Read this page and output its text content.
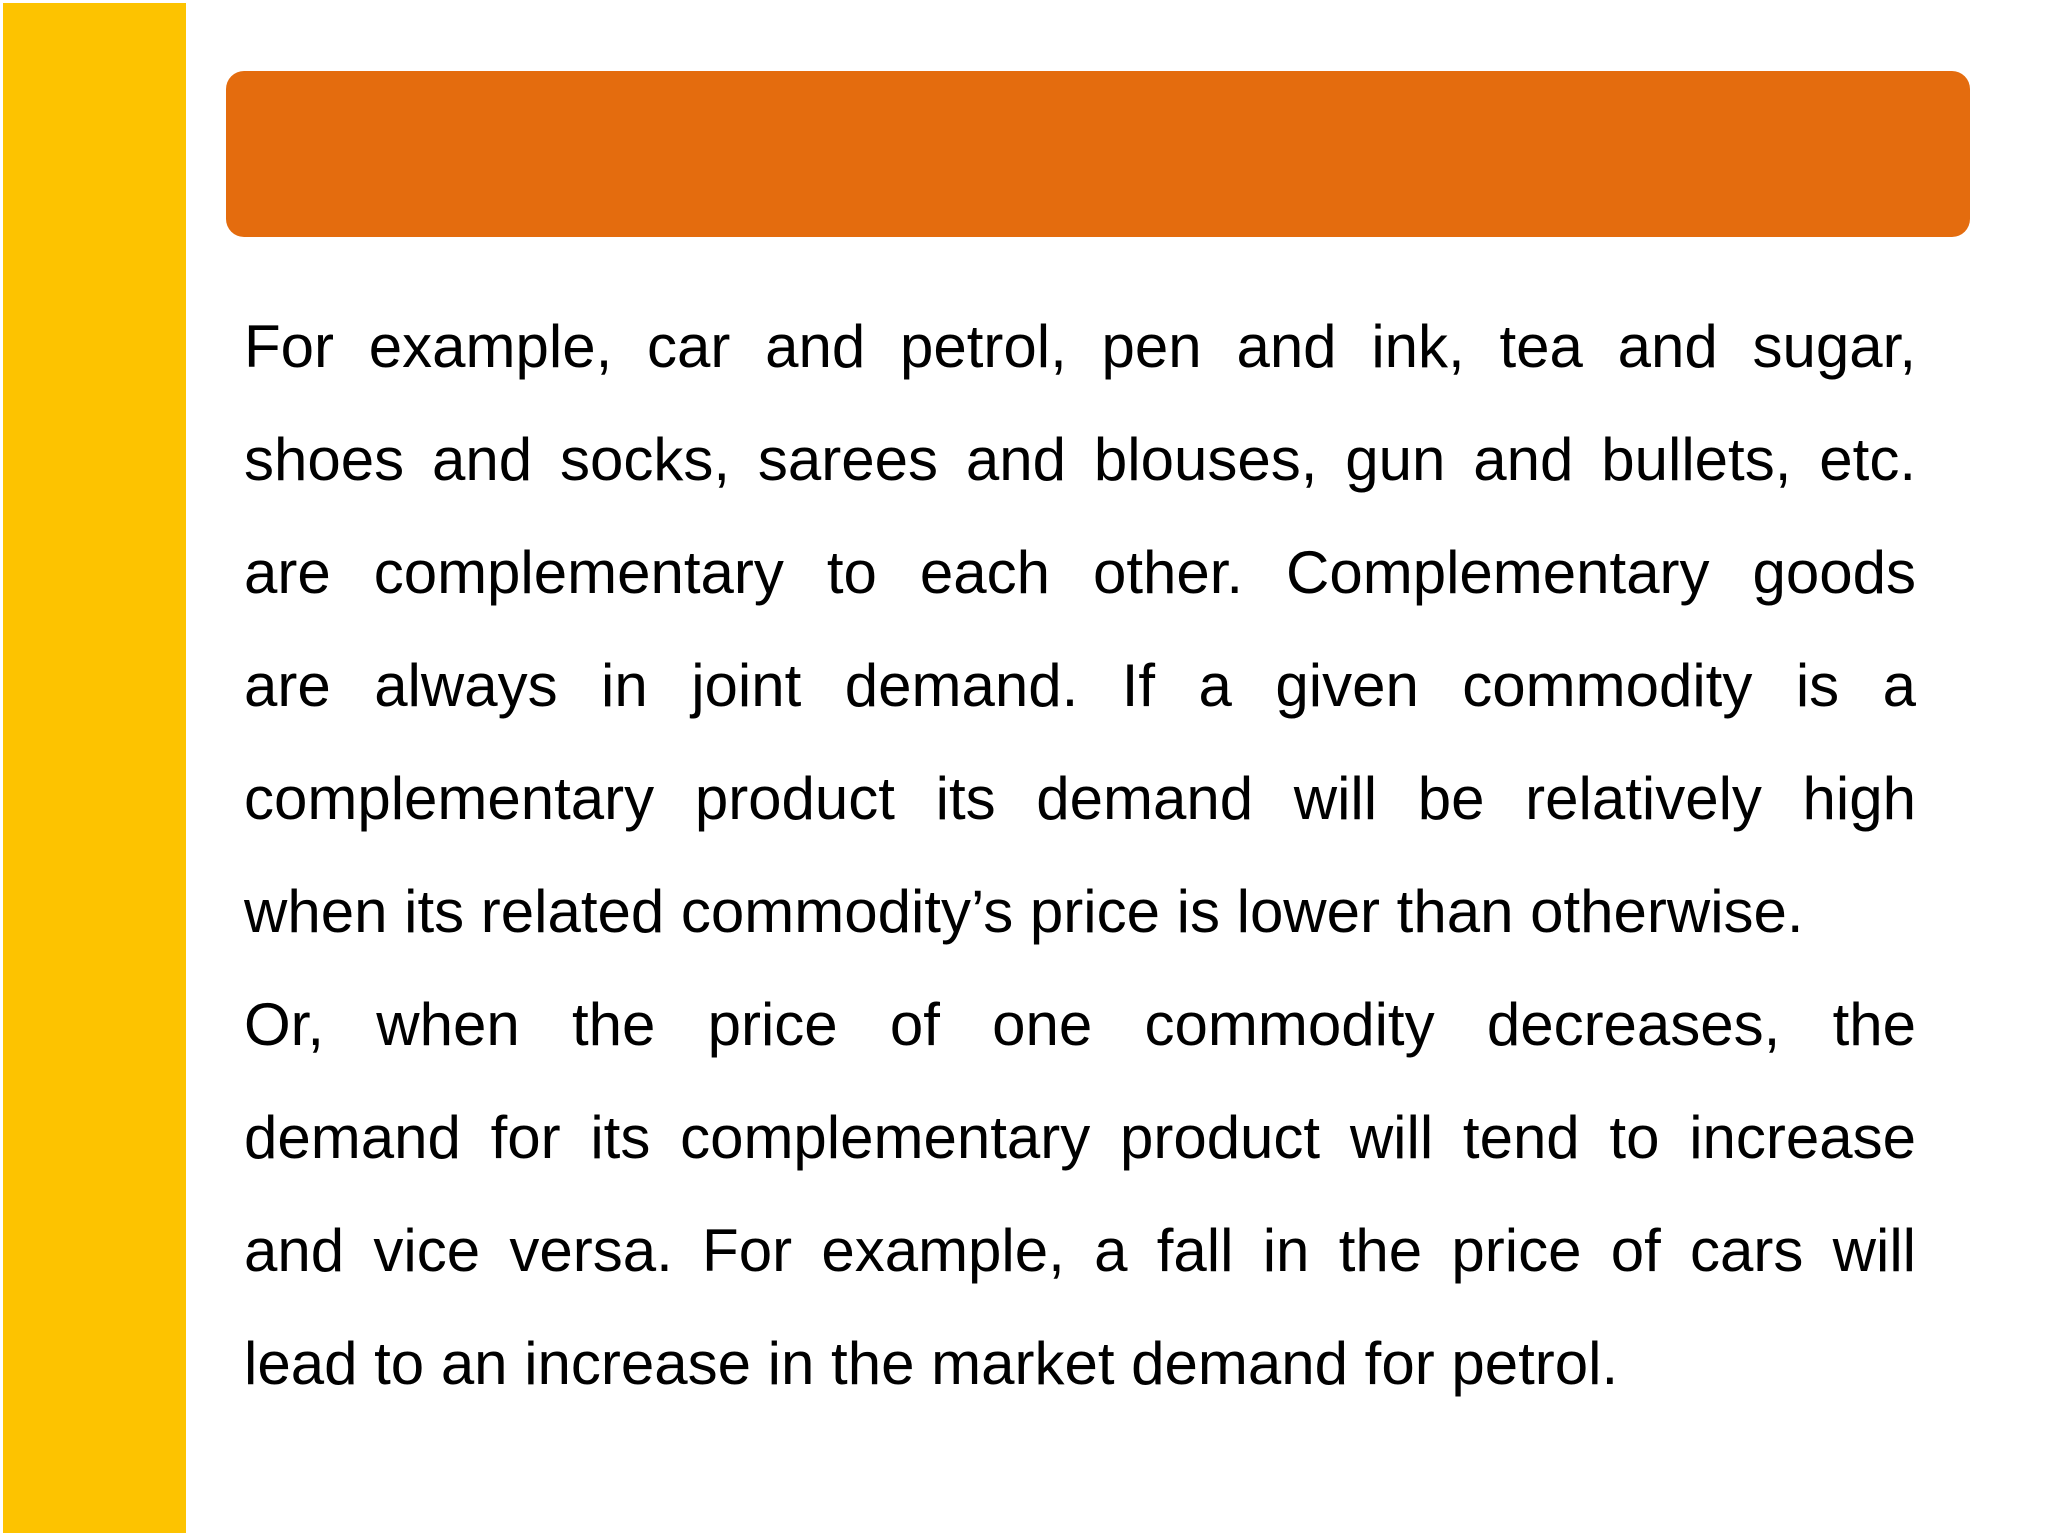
For example, car and petrol, pen and ink, tea and sugar,
shoes and socks, sarees and blouses, gun and bullets, etc.
are complementary to each other. Complementary goods
are always in joint demand. If a given commodity is a
complementary product its demand will be relatively high
when its related commodity’s price is lower than otherwise.
Or, when the price of one commodity decreases, the
demand for its complementary product will tend to increase
and vice versa. For example, a fall in the price of cars will
lead to an increase in the market demand for petrol.
